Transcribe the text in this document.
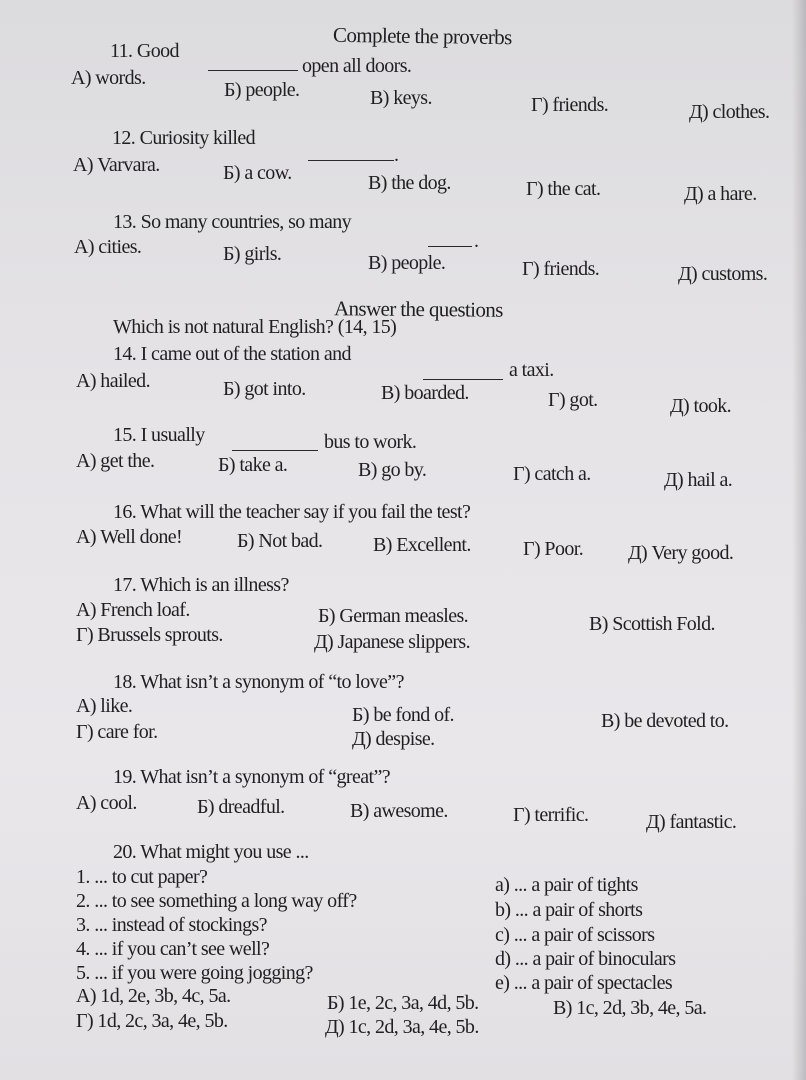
Complete the proverbs
11. Good
open all doors.
А) words.
Б) people.	В) keys.	Г) friends.	Д) clothes.
12. Curiosity killed
.
А) Varvara.	Б) a cow.	В) the dog.	Г) the cat.	Д) a hare.
13. So many countries, so many
.
А) cities.	Б) girls.	В) people.	Г) friends.	Д) customs.
Answer the questions
Which is not natural English? (14, 15)
14. I came out of the station and
a taxi.
А) hailed.	Б) got into.	В) boarded.	Г) got.	Д) took.
15. I usually	bus to work.
А) get the.	Б) take a.	В) go by.	Г) catch a.	Д) hail a.
16. What will the teacher say if you fail the test?
А) Well done!	Б) Not bad.	В) Excellent.	Г) Poor. Д) Very good.
17. Which is an illness?
А) French loaf.	Б) German measles.	В) Scottish Fold.
Г) Brussels sprouts.	Д) Japanese slippers.
18. What isn’t a synonym of “to love”?
А) like.	Б) be fond of.	В) be devoted to.
Г) care for.	Д) despise.
19. What isn’t a synonym of “great”?
А) cool.	Б) dreadful.	В) awesome.	Г) terrific.	Д) fantastic.
20. What might you use ...
1. ... to cut paper?
2. ... to see something a long way off?
3. ... instead of stockings?
4. ... if you can’t see well?
5. ... if you were going jogging?
a) ... a pair of tights
b) ... a pair of shorts
c) ... a pair of scissors
d) ... a pair of binoculars
e) ... a pair of spectacles
А) 1d, 2e, 3b, 4c, 5a.	Б) 1e, 2c, 3a, 4d, 5b.	В) 1c, 2d, 3b, 4e, 5a.
Г) 1d, 2c, 3a, 4e, 5b.	Д) 1c, 2d, 3a, 4e, 5b.
